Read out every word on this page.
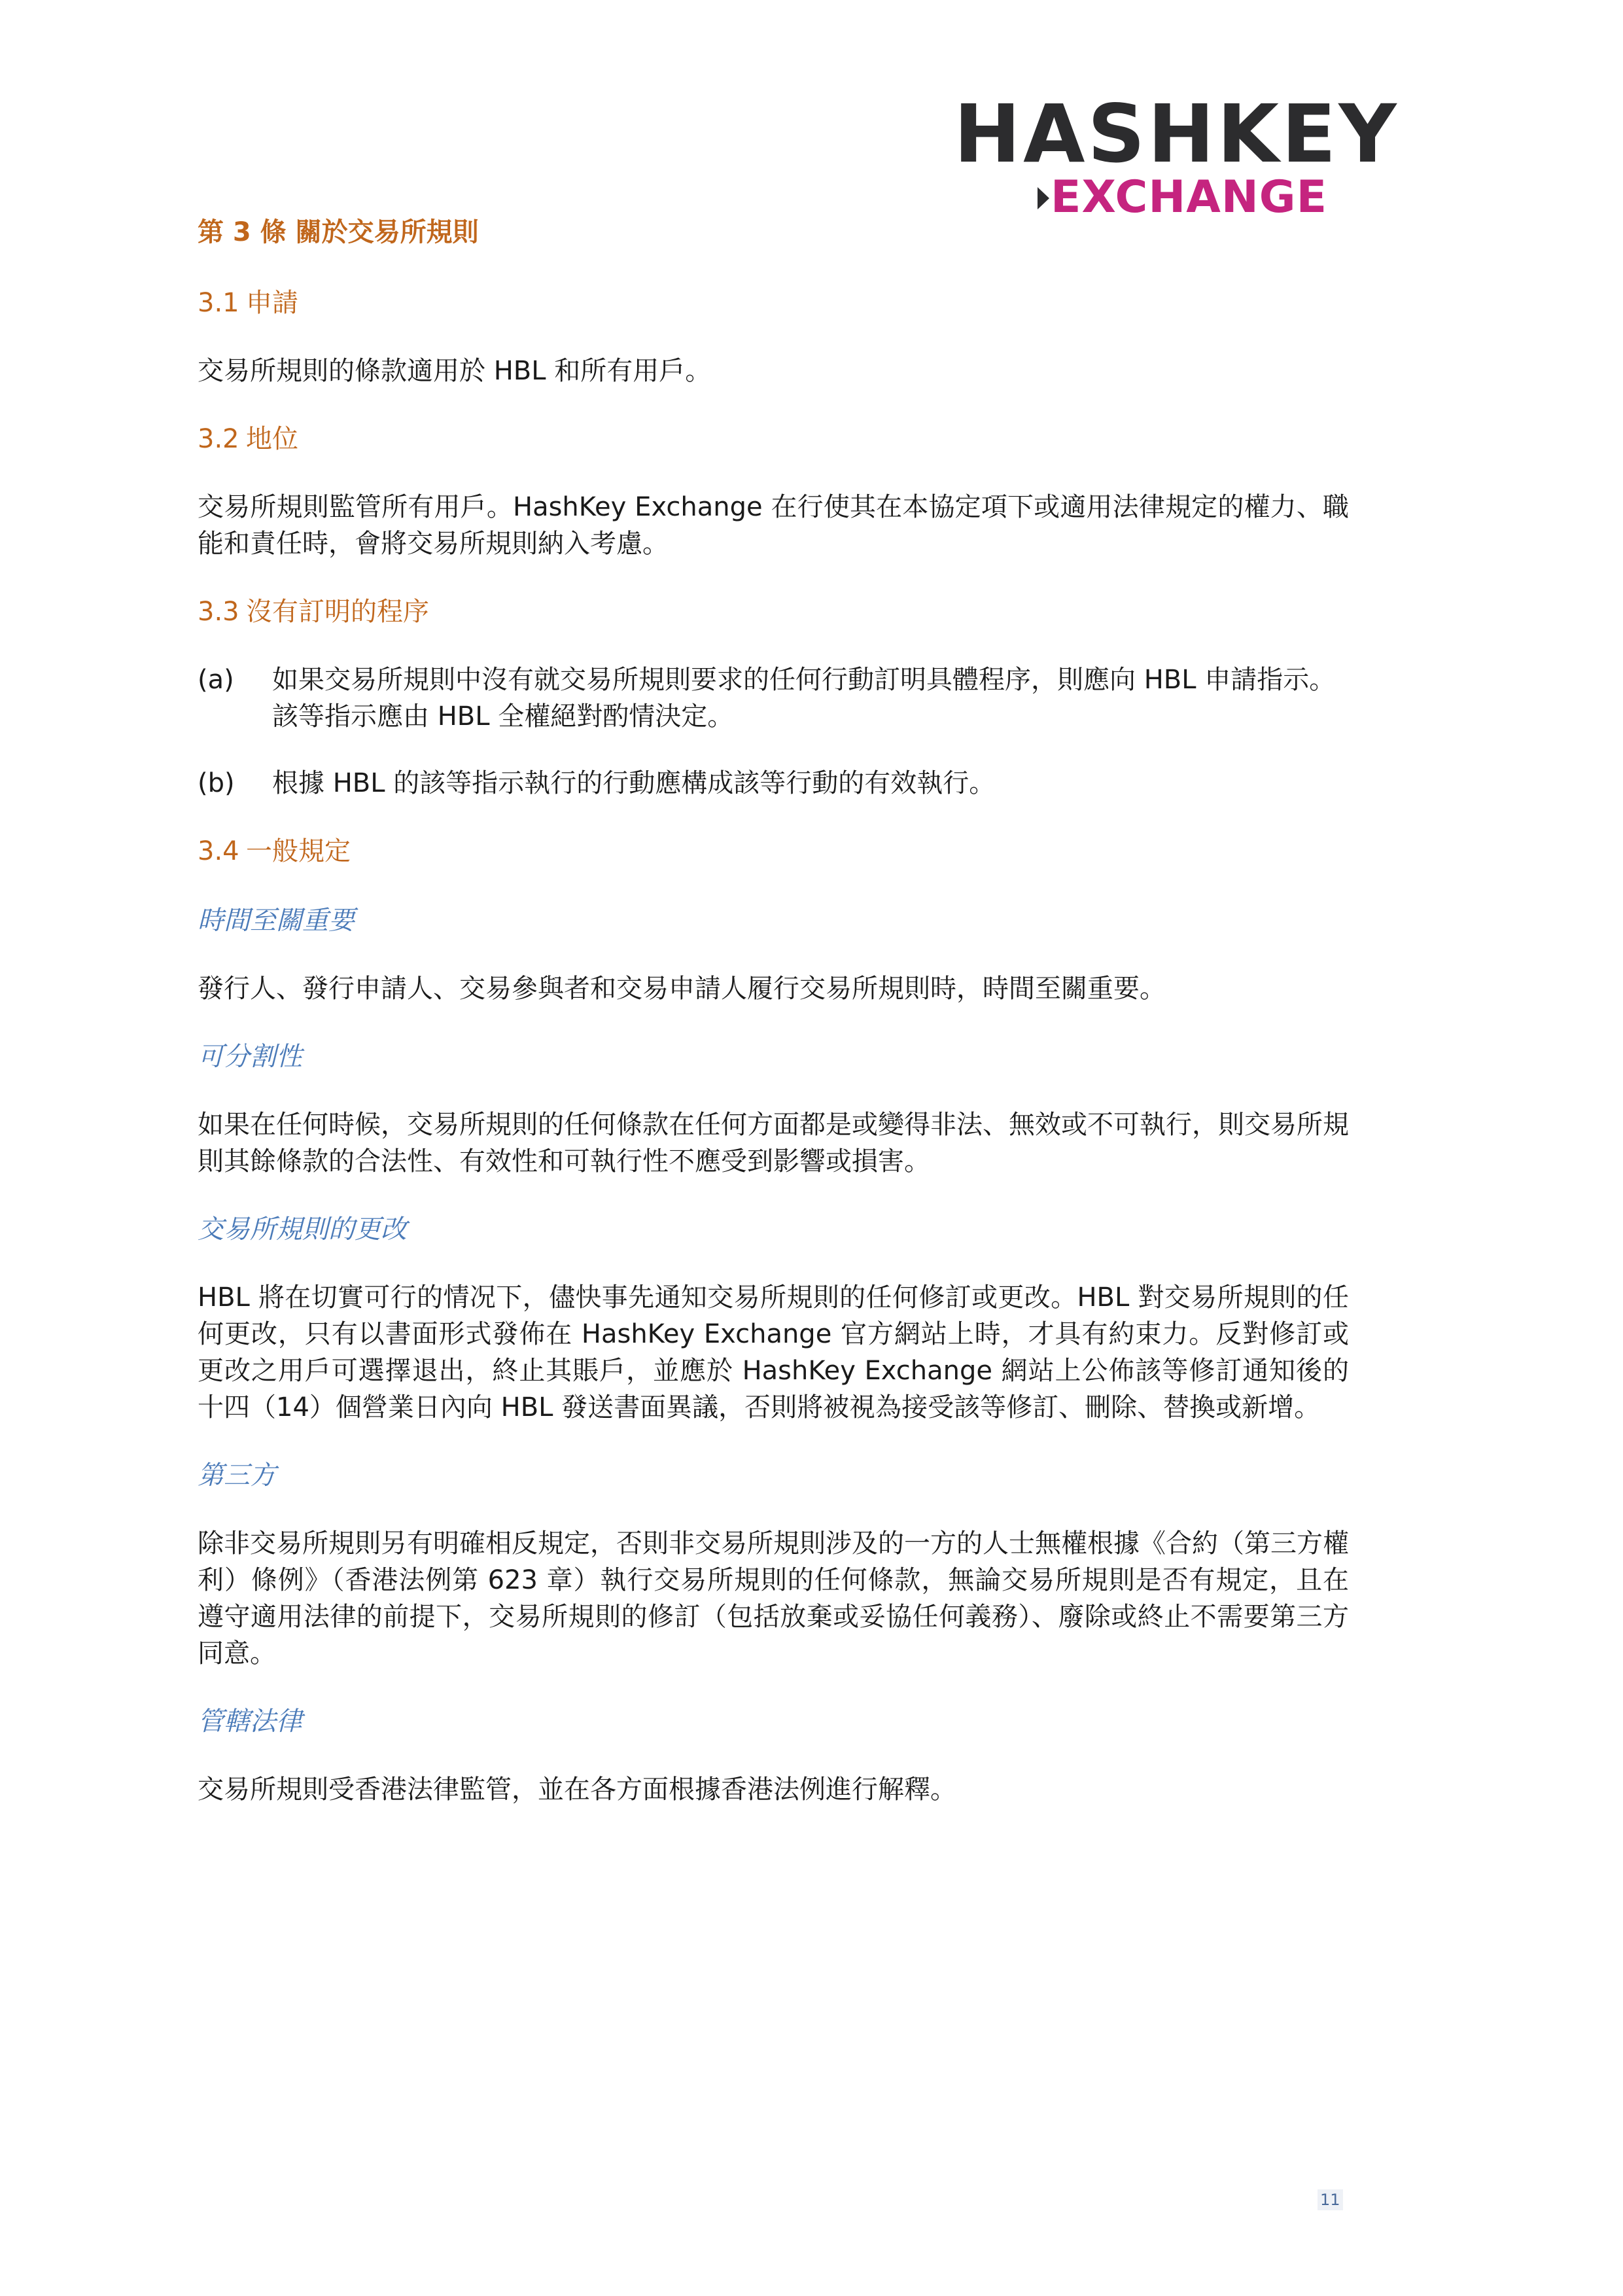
HASHKEY
EXCHANGE
第 3 條 關於交易所規則
3.1 申請
交易所規則的條款適用於 HBL 和所有用戶。
3.2 地位
交易所規則監管所有用戶。HashKey Exchange 在行使其在本協定項下或適用法律規定的權力、職能和責任時，會將交易所規則納入考慮。
3.3 沒有訂明的程序
(a)	如果交易所規則中沒有就交易所規則要求的任何行動訂明具體程序，則應向 HBL 申請指示。該等指示應由 HBL 全權絕對酌情決定。
(b)	根據 HBL 的該等指示執行的行動應構成該等行動的有效執行。
3.4 一般規定
時間至關重要
發行人、發行申請人、交易參與者和交易申請人履行交易所規則時，時間至關重要。
可分割性
如果在任何時候，交易所規則的任何條款在任何方面都是或變得非法、無效或不可執行，則交易所規則其餘條款的合法性、有效性和可執行性不應受到影響或損害。
交易所規則的更改
HBL 將在切實可行的情况下，儘快事先通知交易所規則的任何修訂或更改。HBL 對交易所規則的任何更改，只有以書面形式發佈在 HashKey Exchange 官方網站上時，才具有約束力。反對修訂或更改之用戶可選擇退出，終止其賬戶，並應於 HashKey Exchange 網站上公佈該等修訂通知後的十四（14）個營業日內向 HBL 發送書面異議，否則將被視為接受該等修訂、刪除、替換或新增。
第三方
除非交易所規則另有明確相反規定，否則非交易所規則涉及的一方的人士無權根據《合約（第三方權利）條例》（香港法例第 623 章）執行交易所規則的任何條款，無論交易所規則是否有規定，且在遵守適用法律的前提下，交易所規則的修訂（包括放棄或妥協任何義務）、廢除或終止不需要第三方同意。
管轄法律
交易所規則受香港法律監管，並在各方面根據香港法例進行解釋。
11
